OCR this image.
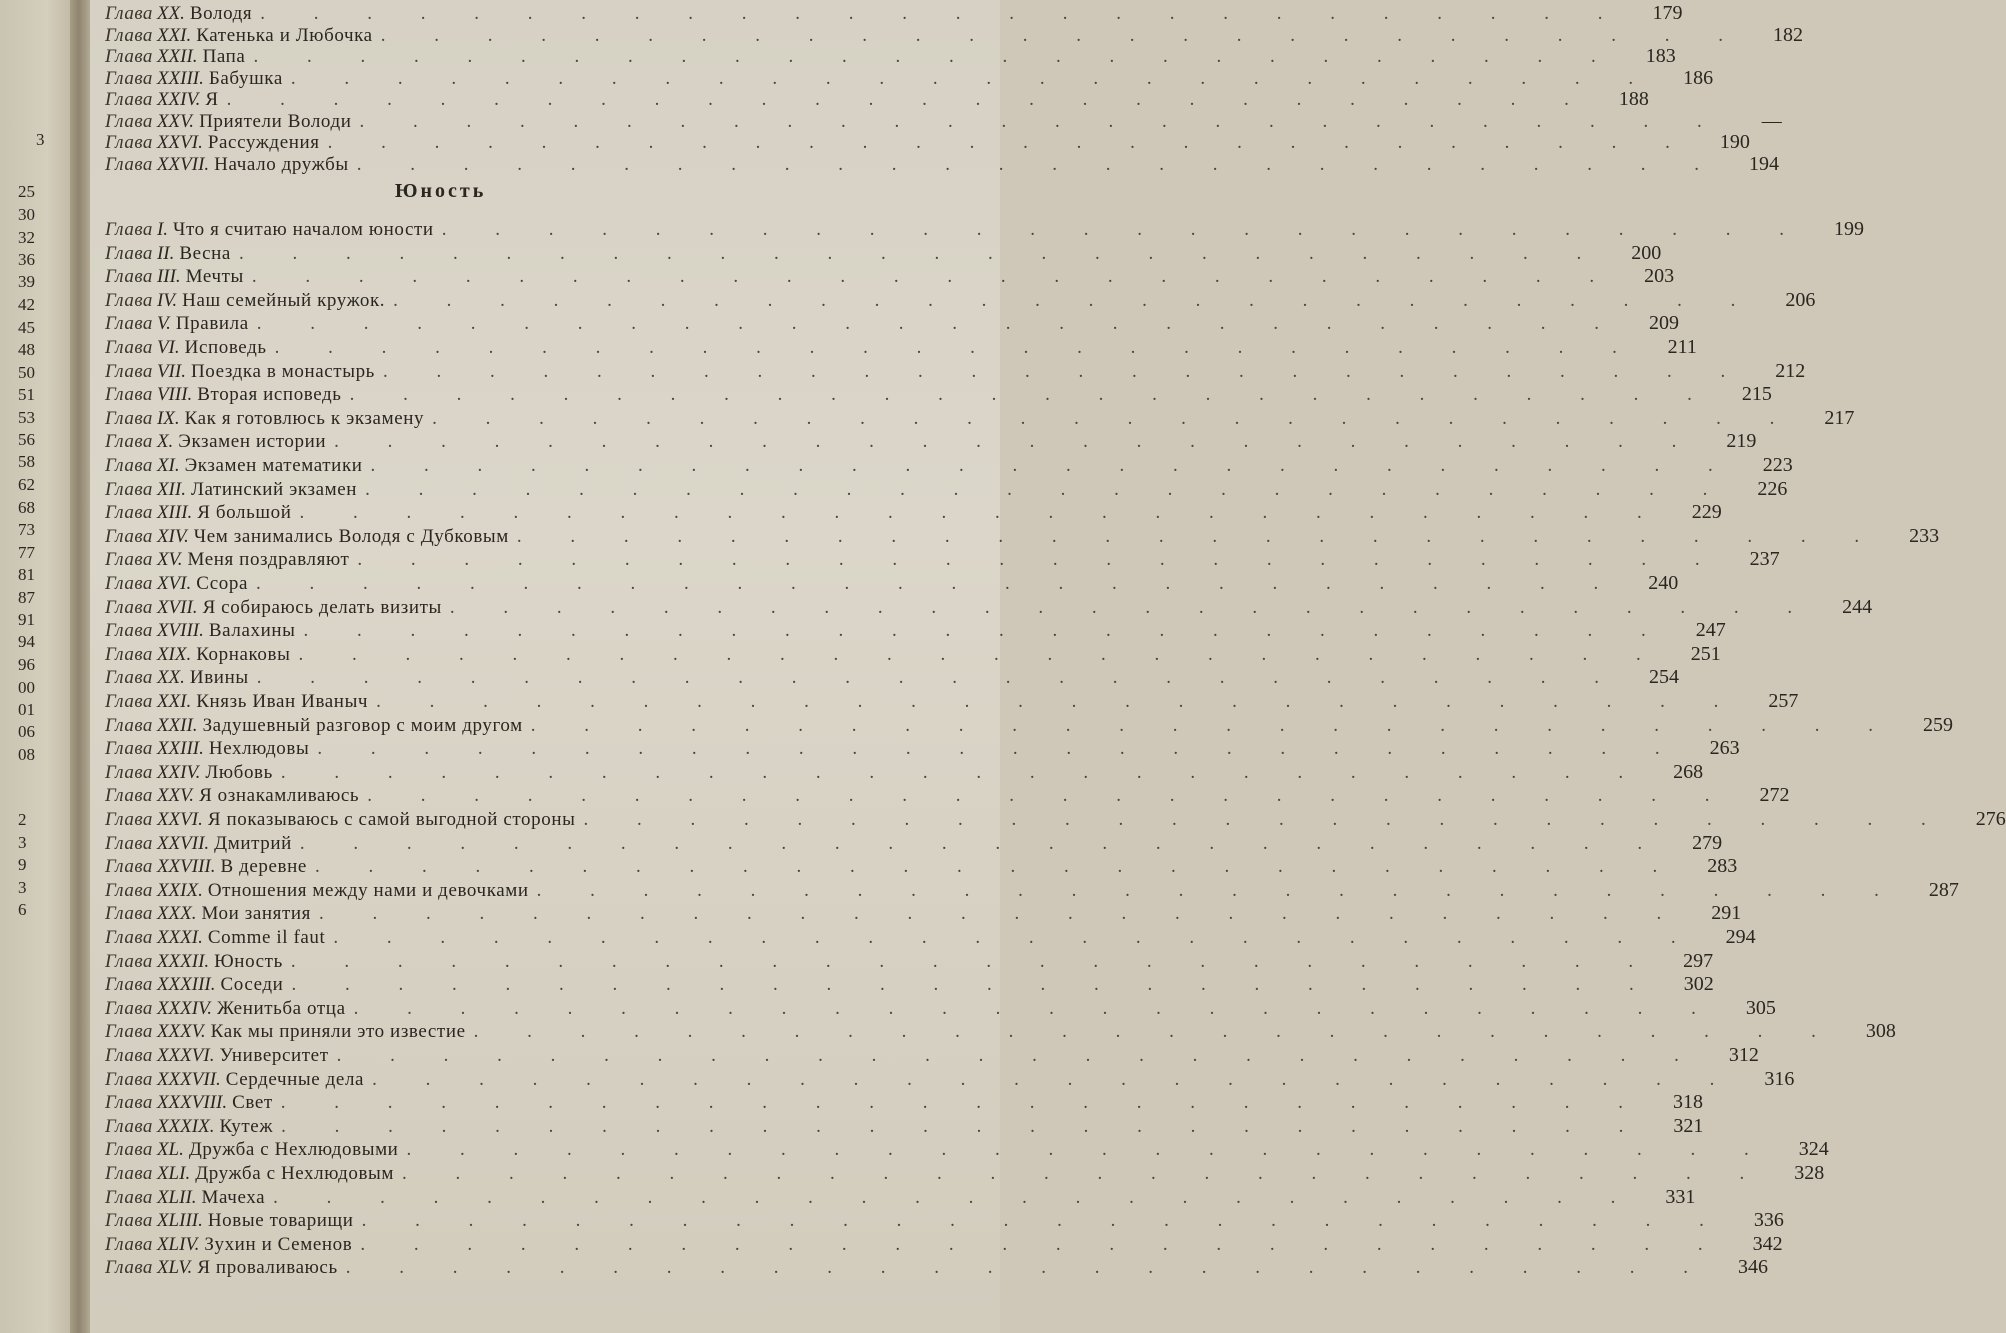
Глава XX. Володя . . . . . . . . . . . . . . . . . . . . . . . . . .	179
Глава XXI. Катенька и Любочка . . . . . . . . . . . . . . . . . . . . . . . . . .	182
Глава XXII. Папа . . . . . . . . . . . . . . . . . . . . . . . . . .	183
Глава XXIII. Бабушка . . . . . . . . . . . . . . . . . . . . . . . . . .	186
Глава XXIV. Я . . . . . . . . . . . . . . . . . . . . . . . . . .	188
Глава XXV. Приятели Володи . . . . . . . . . . . . . . . . . . . . . . . . . .	—
Глава XXVI. Рассуждения . . . . . . . . . . . . . . . . . . . . . . . . . .	190
Глава XXVII. Начало дружбы . . . . . . . . . . . . . . . . . . . . . . . . . .	194
Юность
Глава I. Что я считаю началом юности . . . . . . . . . . . . . . . . . . . . . . . . . .	199
Глава II. Весна . . . . . . . . . . . . . . . . . . . . . . . . . .	200
Глава III. Мечты . . . . . . . . . . . . . . . . . . . . . . . . . .	203
Глава IV. Наш семейный кружок. . . . . . . . . . . . . . . . . . . . . . . . . . .	206
Глава V. Правила . . . . . . . . . . . . . . . . . . . . . . . . . .	209
Глава VI. Исповедь . . . . . . . . . . . . . . . . . . . . . . . . . .	211
Глава VII. Поездка в монастырь . . . . . . . . . . . . . . . . . . . . . . . . . .	212
Глава VIII. Вторая исповедь . . . . . . . . . . . . . . . . . . . . . . . . . .	215
Глава IX. Как я готовлюсь к экзамену . . . . . . . . . . . . . . . . . . . . . . . . . .	217
Глава X. Экзамен истории . . . . . . . . . . . . . . . . . . . . . . . . . .	219
Глава XI. Экзамен математики . . . . . . . . . . . . . . . . . . . . . . . . . .	223
Глава XII. Латинский экзамен . . . . . . . . . . . . . . . . . . . . . . . . . .	226
Глава XIII. Я большой . . . . . . . . . . . . . . . . . . . . . . . . . .	229
Глава XIV. Чем занимались Володя с Дубковым . . . . . . . . . . . . . . . . . . . . . . . . . .	233
Глава XV. Меня поздравляют . . . . . . . . . . . . . . . . . . . . . . . . . .	237
Глава XVI. Ссора . . . . . . . . . . . . . . . . . . . . . . . . . .	240
Глава XVII. Я собираюсь делать визиты . . . . . . . . . . . . . . . . . . . . . . . . . .	244
Глава XVIII. Валахины . . . . . . . . . . . . . . . . . . . . . . . . . .	247
Глава XIX. Корнаковы . . . . . . . . . . . . . . . . . . . . . . . . . .	251
Глава XX. Ивины . . . . . . . . . . . . . . . . . . . . . . . . . .	254
Глава XXI. Князь Иван Иваныч . . . . . . . . . . . . . . . . . . . . . . . . . .	257
Глава XXII. Задушевный разговор с моим другом . . . . . . . . . . . . . . . . . . . . . . . . . .	259
Глава XXIII. Нехлюдовы . . . . . . . . . . . . . . . . . . . . . . . . . .	263
Глава XXIV. Любовь . . . . . . . . . . . . . . . . . . . . . . . . . .	268
Глава XXV. Я ознакамливаюсь . . . . . . . . . . . . . . . . . . . . . . . . . .	272
Глава XXVI. Я показываюсь с самой выгодной стороны . . . . . . . . . . . . . . . . . . . . . . . . . .	276
Глава XXVII. Дмитрий . . . . . . . . . . . . . . . . . . . . . . . . . .	279
Глава XXVIII. В деревне . . . . . . . . . . . . . . . . . . . . . . . . . .	283
Глава XXIX. Отношения между нами и девочками . . . . . . . . . . . . . . . . . . . . . . . . . .	287
Глава XXX. Мои занятия . . . . . . . . . . . . . . . . . . . . . . . . . .	291
Глава XXXI. Comme il faut . . . . . . . . . . . . . . . . . . . . . . . . . .	294
Глава XXXII. Юность . . . . . . . . . . . . . . . . . . . . . . . . . .	297
Глава XXXIII. Соседи . . . . . . . . . . . . . . . . . . . . . . . . . .	302
Глава XXXIV. Женитьба отца . . . . . . . . . . . . . . . . . . . . . . . . . .	305
Глава XXXV. Как мы приняли это известие . . . . . . . . . . . . . . . . . . . . . . . . . .	308
Глава XXXVI. Университет . . . . . . . . . . . . . . . . . . . . . . . . . .	312
Глава XXXVII. Сердечные дела . . . . . . . . . . . . . . . . . . . . . . . . . .	316
Глава XXXVIII. Свет . . . . . . . . . . . . . . . . . . . . . . . . . .	318
Глава XXXIX. Кутеж . . . . . . . . . . . . . . . . . . . . . . . . . .	321
Глава XL. Дружба с Нехлюдовыми . . . . . . . . . . . . . . . . . . . . . . . . . .	324
Глава XLI. Дружба с Нехлюдовым . . . . . . . . . . . . . . . . . . . . . . . . . .	328
Глава XLII. Мачеха . . . . . . . . . . . . . . . . . . . . . . . . . .	331
Глава XLIII. Новые товарищи . . . . . . . . . . . . . . . . . . . . . . . . . .	336
Глава XLIV. Зухин и Семенов . . . . . . . . . . . . . . . . . . . . . . . . . .	342
Глава XLV. Я проваливаюсь . . . . . . . . . . . . . . . . . . . . . . . . . .	346
3
25
30
32
36
39
42
45
48
50
51
53
56
58
62
68
73
77
81
87
91
94
96
00
01
06
08
2
3
9
3
6
